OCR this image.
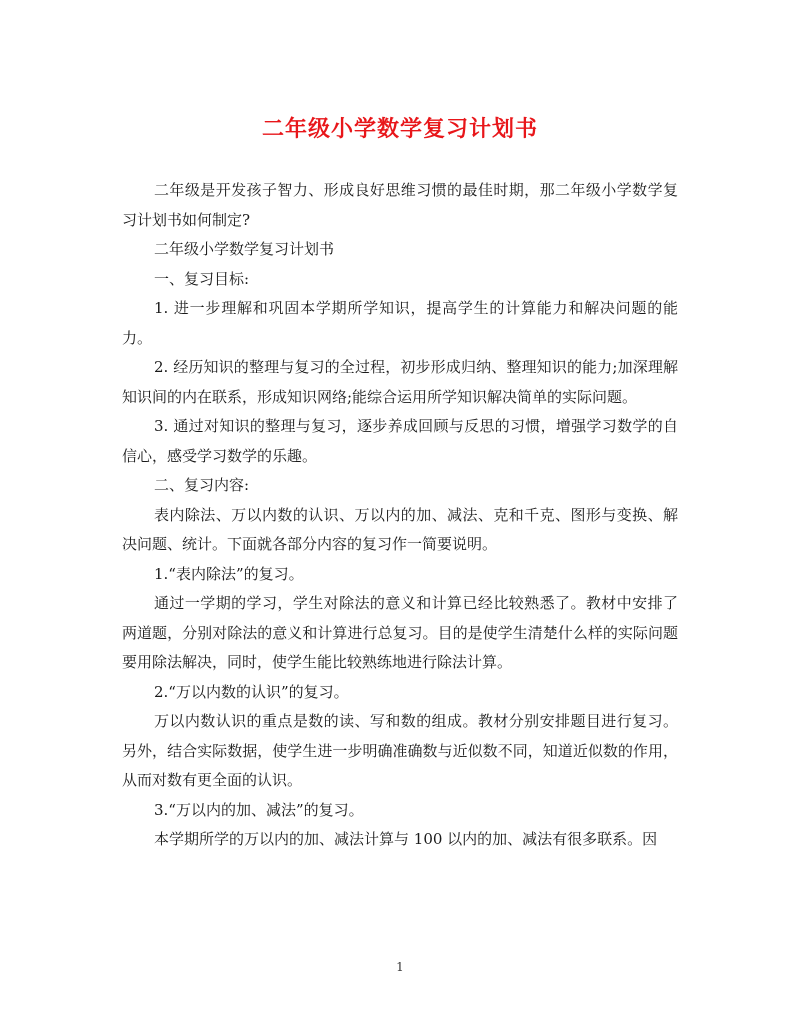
二年级小学数学复习计划书

二年级是开发孩子智力、形成良好思维习惯的最佳时期，那二年级小学数学复习计划书如何制定?

二年级小学数学复习计划书

一、复习目标:

1. 进一步理解和巩固本学期所学知识，提高学生的计算能力和解决问题的能力。

2. 经历知识的整理与复习的全过程，初步形成归纳、整理知识的能力;加深理解知识间的内在联系，形成知识网络;能综合运用所学知识解决简单的实际问题。

3. 通过对知识的整理与复习，逐步养成回顾与反思的习惯，增强学习数学的自信心，感受学习数学的乐趣。

二、复习内容:

表内除法、万以内数的认识、万以内的加、减法、克和千克、图形与变换、解决问题、统计。下面就各部分内容的复习作一简要说明。

1.“表内除法”的复习。

通过一学期的学习，学生对除法的意义和计算已经比较熟悉了。教材中安排了两道题，分别对除法的意义和计算进行总复习。目的是使学生清楚什么样的实际问题要用除法解决，同时，使学生能比较熟练地进行除法计算。

2.“万以内数的认识”的复习。

万以内数认识的重点是数的读、写和数的组成。教材分别安排题目进行复习。另外，结合实际数据，使学生进一步明确准确数与近似数不同，知道近似数的作用，从而对数有更全面的认识。

3.“万以内的加、减法”的复习。

本学期所学的万以内的加、减法计算与 100 以内的加、减法有很多联系。因

1
